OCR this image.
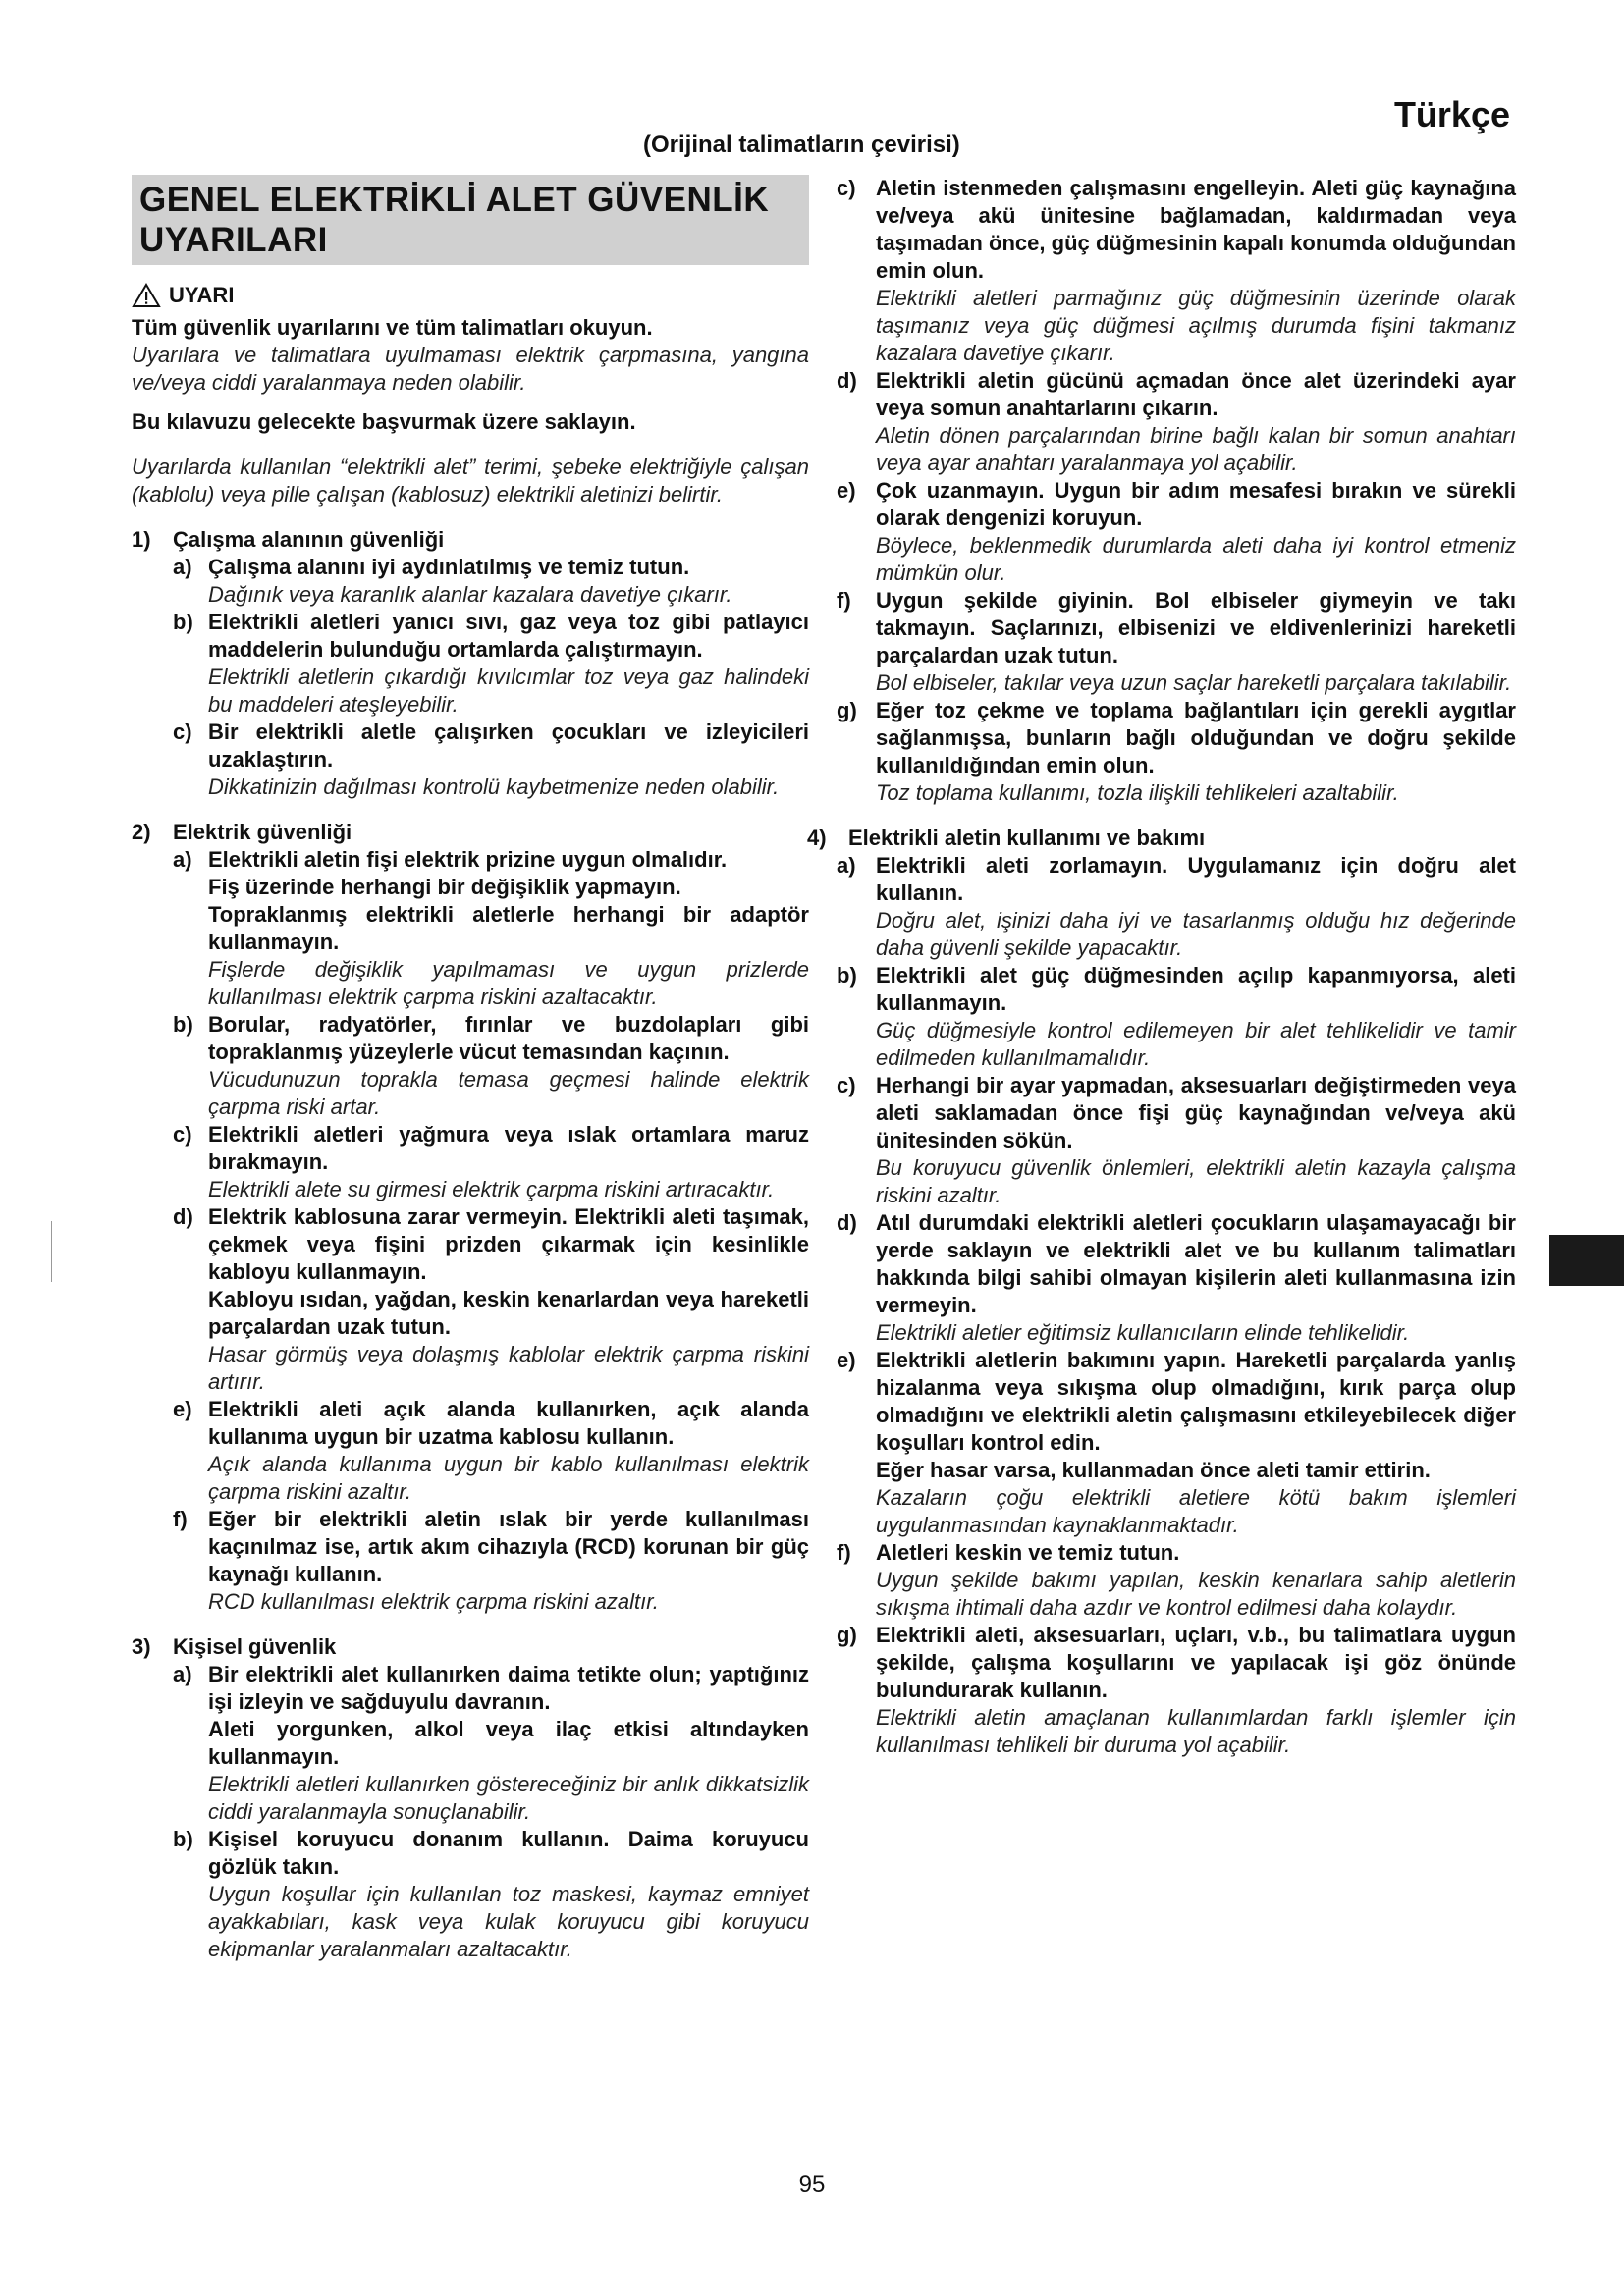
Türkçe
(Orijinal talimatların çevirisi)
GENEL ELEKTRİKLİ ALET GÜVENLİK
UYARILARI
UYARI
Tüm güvenlik uyarılarını ve tüm talimatları okuyun.
Uyarılara ve talimatlara uyulmaması elektrik çarpmasına, yangına ve/veya ciddi yaralanmaya neden olabilir.
Bu kılavuzu gelecekte başvurmak üzere saklayın.
Uyarılarda kullanılan “elektrikli alet” terimi, şebeke elektriğiyle çalışan (kablolu) veya pille çalışan (kablosuz) elektrikli aletinizi belirtir.
1)	Çalışma alanının güvenliği
a) Çalışma alanını iyi aydınlatılmış ve temiz tutun.
Dağınık veya karanlık alanlar kazalara davetiye çıkarır.
b) Elektrikli aletleri yanıcı sıvı, gaz veya toz gibi patlayıcı maddelerin bulunduğu ortamlarda çalıştırmayın.
Elektrikli aletlerin çıkardığı kıvılcımlar toz veya gaz halindeki bu maddeleri ateşleyebilir.
c) Bir elektrikli aletle çalışırken çocukları ve izleyicileri uzaklaştırın.
Dikkatinizin dağılması kontrolü kaybetmenize neden olabilir.
2)	Elektrik güvenliği
a) Elektrikli aletin fişi elektrik prizine uygun olmalıdır.
Fiş üzerinde herhangi bir değişiklik yapmayın.
Topraklanmış elektrikli aletlerle herhangi bir adaptör kullanmayın.
Fişlerde değişiklik yapılmaması ve uygun prizlerde kullanılması elektrik çarpma riskini azaltacaktır.
b) Borular, radyatörler, fırınlar ve buzdolapları gibi topraklanmış yüzeylerle vücut temasından kaçının.
Vücudunuzun toprakla temasa geçmesi halinde elektrik çarpma riski artar.
c) Elektrikli aletleri yağmura veya ıslak ortamlara maruz bırakmayın.
Elektrikli alete su girmesi elektrik çarpma riskini artıracaktır.
d) Elektrik kablosuna zarar vermeyin. Elektrikli aleti taşımak, çekmek veya fişini prizden çıkarmak için kesinlikle kabloyu kullanmayın.
Kabloyu ısıdan, yağdan, keskin kenarlardan veya hareketli parçalardan uzak tutun.
Hasar görmüş veya dolaşmış kablolar elektrik çarpma riskini artırır.
e) Elektrikli aleti açık alanda kullanırken, açık alanda kullanıma uygun bir uzatma kablosu kullanın.
Açık alanda kullanıma uygun bir kablo kullanılması elektrik çarpma riskini azaltır.
f) Eğer bir elektrikli aletin ıslak bir yerde kullanılması kaçınılmaz ise, artık akım cihazıyla (RCD) korunan bir güç kaynağı kullanın.
RCD kullanılması elektrik çarpma riskini azaltır.
3)	Kişisel güvenlik
a) Bir elektrikli alet kullanırken daima tetikte olun; yaptığınız işi izleyin ve sağduyulu davranın.
Aleti yorgunken, alkol veya ilaç etkisi altındayken kullanmayın.
Elektrikli aletleri kullanırken göstereceğiniz bir anlık dikkatsizlik ciddi yaralanmayla sonuçlanabilir.
b) Kişisel koruyucu donanım kullanın. Daima koruyucu gözlük takın.
Uygun koşullar için kullanılan toz maskesi, kaymaz emniyet ayakkabıları, kask veya kulak koruyucu gibi koruyucu ekipmanlar yaralanmaları azaltacaktır.
c) Aletin istenmeden çalışmasını engelleyin. Aleti güç kaynağına ve/veya akü ünitesine bağlamadan, kaldırmadan veya taşımadan önce, güç düğmesinin kapalı konumda olduğundan emin olun.
Elektrikli aletleri parmağınız güç düğmesinin üzerinde olarak taşımanız veya güç düğmesi açılmış durumda fişini takmanız kazalara davetiye çıkarır.
d) Elektrikli aletin gücünü açmadan önce alet üzerindeki ayar veya somun anahtarlarını çıkarın.
Aletin dönen parçalarından birine bağlı kalan bir somun anahtarı veya ayar anahtarı yaralanmaya yol açabilir.
e) Çok uzanmayın. Uygun bir adım mesafesi bırakın ve sürekli olarak dengenizi koruyun.
Böylece, beklenmedik durumlarda aleti daha iyi kontrol etmeniz mümkün olur.
f)	Uygun şekilde giyinin. Bol elbiseler giymeyin ve takı takmayın. Saçlarınızı, elbisenizi ve eldivenlerinizi hareketli parçalardan uzak tutun.
Bol elbiseler, takılar veya uzun saçlar hareketli parçalara takılabilir.
g) Eğer toz çekme ve toplama bağlantıları için gerekli aygıtlar sağlanmışsa, bunların bağlı olduğundan ve doğru şekilde kullanıldığından emin olun.
Toz toplama kullanımı, tozla ilişkili tehlikeleri azaltabilir.
4)	Elektrikli aletin kullanımı ve bakımı
a) Elektrikli aleti zorlamayın. Uygulamanız için doğru alet kullanın.
Doğru alet, işinizi daha iyi ve tasarlanmış olduğu hız değerinde daha güvenli şekilde yapacaktır.
b) Elektrikli alet güç düğmesinden açılıp kapanmıyorsa, aleti kullanmayın.
Güç düğmesiyle kontrol edilemeyen bir alet tehlikelidir ve tamir edilmeden kullanılmamalıdır.
c) Herhangi bir ayar yapmadan, aksesuarları değiştirmeden veya aleti saklamadan önce fişi güç kaynağından ve/veya akü ünitesinden sökün.
Bu koruyucu güvenlik önlemleri, elektrikli aletin kazayla çalışma riskini azaltır.
d) Atıl durumdaki elektrikli aletleri çocukların ulaşamayacağı bir yerde saklayın ve elektrikli alet ve bu kullanım talimatları hakkında bilgi sahibi olmayan kişilerin aleti kullanmasına izin vermeyin.
Elektrikli aletler eğitimsiz kullanıcıların elinde tehlikelidir.
e) Elektrikli aletlerin bakımını yapın. Hareketli parçalarda yanlış hizalanma veya sıkışma olup olmadığını, kırık parça olup olmadığını ve elektrikli aletin çalışmasını etkileyebilecek diğer koşulları kontrol edin.
Eğer hasar varsa, kullanmadan önce aleti tamir ettirin.
Kazaların çoğu elektrikli aletlere kötü bakım işlemleri uygulanmasından kaynaklanmaktadır.
f)	Aletleri keskin ve temiz tutun.
Uygun şekilde bakımı yapılan, keskin kenarlara sahip aletlerin sıkışma ihtimali daha azdır ve kontrol edilmesi daha kolaydır.
g) Elektrikli aleti, aksesuarları, uçları, v.b., bu talimatlara uygun şekilde, çalışma koşullarını ve yapılacak işi göz önünde bulundurarak kullanın.
Elektrikli aletin amaçlanan kullanımlardan farklı işlemler için kullanılması tehlikeli bir duruma yol açabilir.
95
